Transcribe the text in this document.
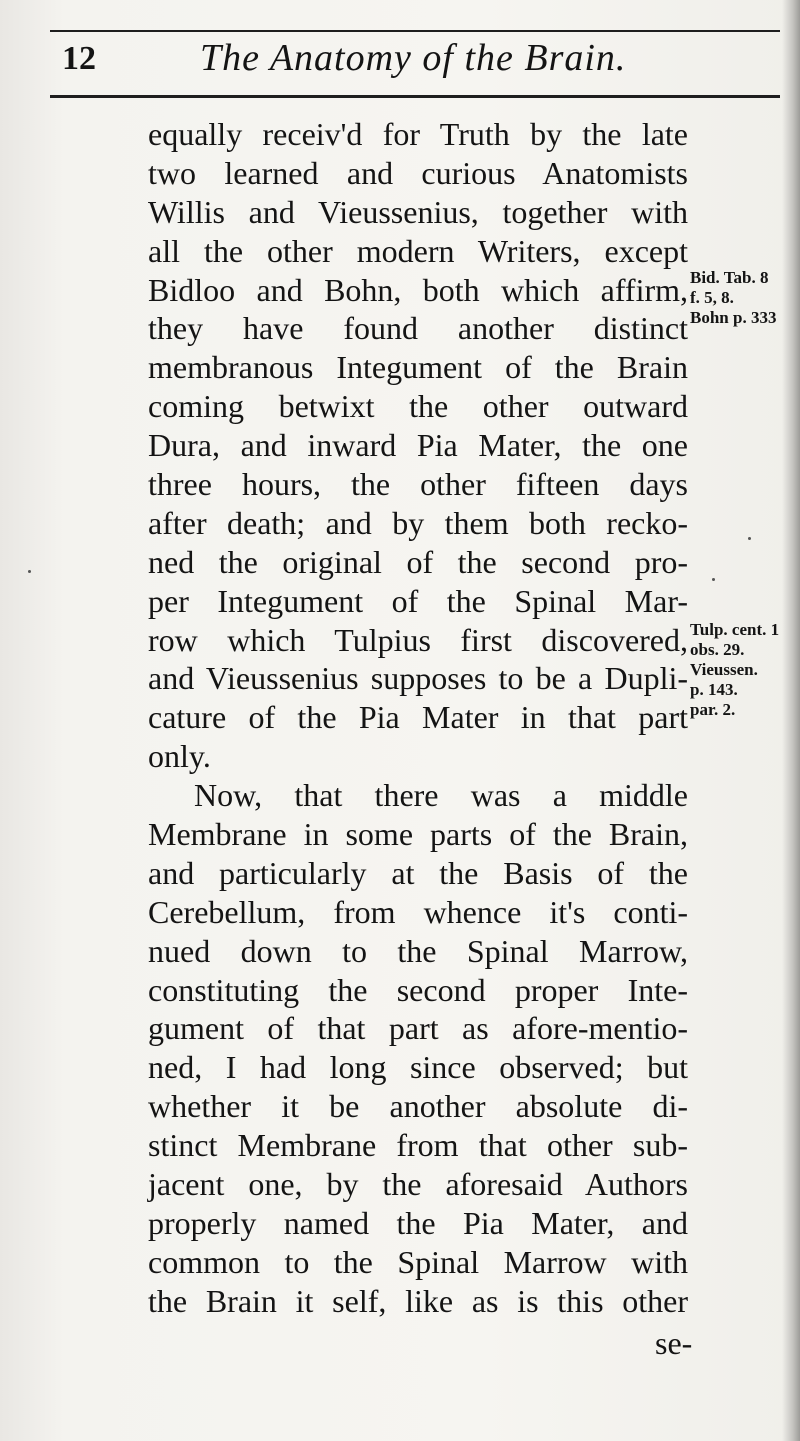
12	The Anatomy of the Brain.
equally receiv'd for Truth by the late
two learned and curious Anatomists
Willis and Vieussenius, together with
all the other modern Writers, except
Bidloo and Bohn, both which affirm,
they have found another distinct
membranous Integument of the Brain
coming betwixt the other outward
Dura, and inward Pia Mater, the one
three hours, the other fifteen days
after death; and by them both recko-
ned the original of the second pro-
per Integument of the Spinal Mar-
row which Tulpius first discovered,
and Vieussenius supposes to be a Dupli-
cature of the Pia Mater in that part
only.
Now, that there was a middle
Membrane in some parts of the Brain,
and particularly at the Basis of the
Cerebellum, from whence it's conti-
nued down to the Spinal Marrow,
constituting the second proper Inte-
gument of that part as afore-mentio-
ned, I had long since observed; but
whether it be another absolute di-
stinct Membrane from that other sub-
jacent one, by the aforesaid Authors
properly named the Pia Mater, and
common to the Spinal Marrow with
the Brain it self, like as is this other
Bid. Tab. 8
f. 5, 8.
Bohn p. 333
Tulp. cent. 1
obs. 29.
Vieussen.
p. 143.
par. 2.
se-
